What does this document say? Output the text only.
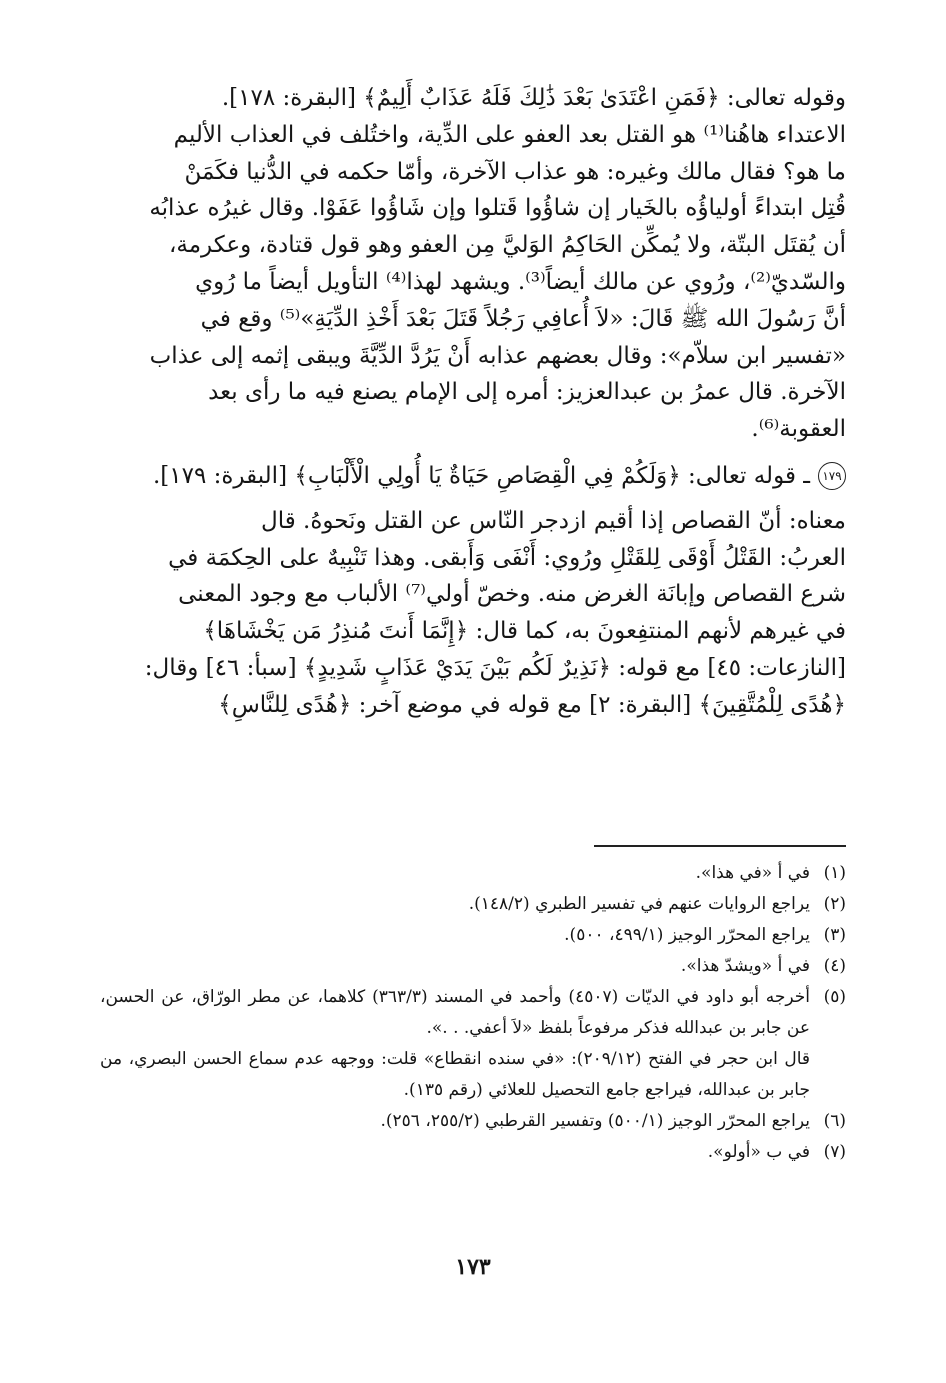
وقوله تعالى: ﴿فَمَنِ اعْتَدَىٰ بَعْدَ ذَٰلِكَ فَلَهُ عَذَابٌ أَلِيمٌ﴾ [البقرة: ١٧٨].

الاعتداء هاهُنا⁽¹⁾ هو القتل بعد العفو على الدِّية، واختُلف في العذاب الأليم

ما هو؟ فقال مالك وغيره: هو عذاب الآخرة، وأمّا حكمه في الدُّنيا فكَمَنْ

قُتِل ابتداءً أولياؤُه بالخَيار إن شاؤُوا قَتلوا وإن شَاؤُوا عَفَوْا. وقال غيرُه عذابُه

أن يُقتَل البتّة، ولا يُمكِّن الحَاكِمُ الوَليَّ مِن العفو وهو قول قتادة، وعكرمة،

والسّديّ⁽²⁾، ورُوي عن مالك أيضاً⁽³⁾. ويشهد لهذا⁽⁴⁾ التأويل أيضاً ما رُوي

أنَّ رَسُولَ الله ﷺ قَالَ: «لاَ أُعافِي رَجُلاً قَتَلَ بَعْدَ أَخْذِ الدِّيَةِ»⁽⁵⁾ وقع في

«تفسير ابن سلاّم»: وقال بعضهم عذابه أَنْ يَرُدَّ الدِّيَّةَ ويبقى إثمه إلى عذاب

الآخرة. قال عمرُ بن عبدالعزيز: أمره إلى الإمام يصنع فيه ما رأى بعد

العقوبة⁽⁶⁾.

١٧٩
ـ قوله تعالى: ﴿وَلَكُمْ فِي الْقِصَاصِ حَيَاةٌ يَا أُولِي الْأَلْبَابِ﴾ [البقرة: ١٧٩].

معناه: أنّ القصاص إذا أقيم ازدجر النّاس عن القتل ونَحوهُ. قال

العربُ: القَتْلُ أَوْقَى لِلقَتْلِ ورُوي: أَنْفَى وَأَبقى. وهذا تَنْبِيهٌ على الحِكمَة في

شرع القصاص وإبانَة الغرض منه. وخصّ أولي⁽⁷⁾ الألباب مع وجود المعنى

في غيرهم لأنهم المنتفِعونَ به، كما قال: ﴿إِنَّمَا أَنتَ مُنذِرُ مَن يَخْشَاهَا﴾

[النازعات: ٤٥] مع قوله: ﴿نَذِيرٌ لَكُم بَيْنَ يَدَيْ عَذَابٍ شَدِيدٍ﴾ [سبأ: ٤٦] وقال:

﴿هُدًى لِلْمُتَّقِينَ﴾ [البقرة: ٢] مع قوله في موضع آخر: ﴿هُدًى لِلنَّاسِ﴾

(١)
في أ «في هذا».
(٢)
يراجع الروايات عنهم في تفسير الطبري (١٤٨/٢).
(٣)
يراجع المحرّر الوجيز (٤٩٩/١، ٥٠٠).
(٤)
في أ «ويشدّ هذا».
(٥)
أخرجه أبو داود في الديّات (٤٥٠٧) وأحمد في المسند (٣٦٣/٣) كلاهما، عن مطر الورّاق، عن الحسن، عن جابر بن عبدالله فذكر مرفوعاً بلفظ «لاَ أعفي. . .».
قال ابن حجر في الفتح (٢٠٩/١٢): «في سنده انقطاع» قلت: ووجهه عدم سماع الحسن البصري، من جابر بن عبدالله، فيراجع جامع التحصيل للعلائي (رقم ١٣٥).
(٦)
يراجع المحرّر الوجيز (٥٠٠/١) وتفسير القرطبي (٢٥٥/٢، ٢٥٦).
(٧)
في ب «أولو».
١٧٣
